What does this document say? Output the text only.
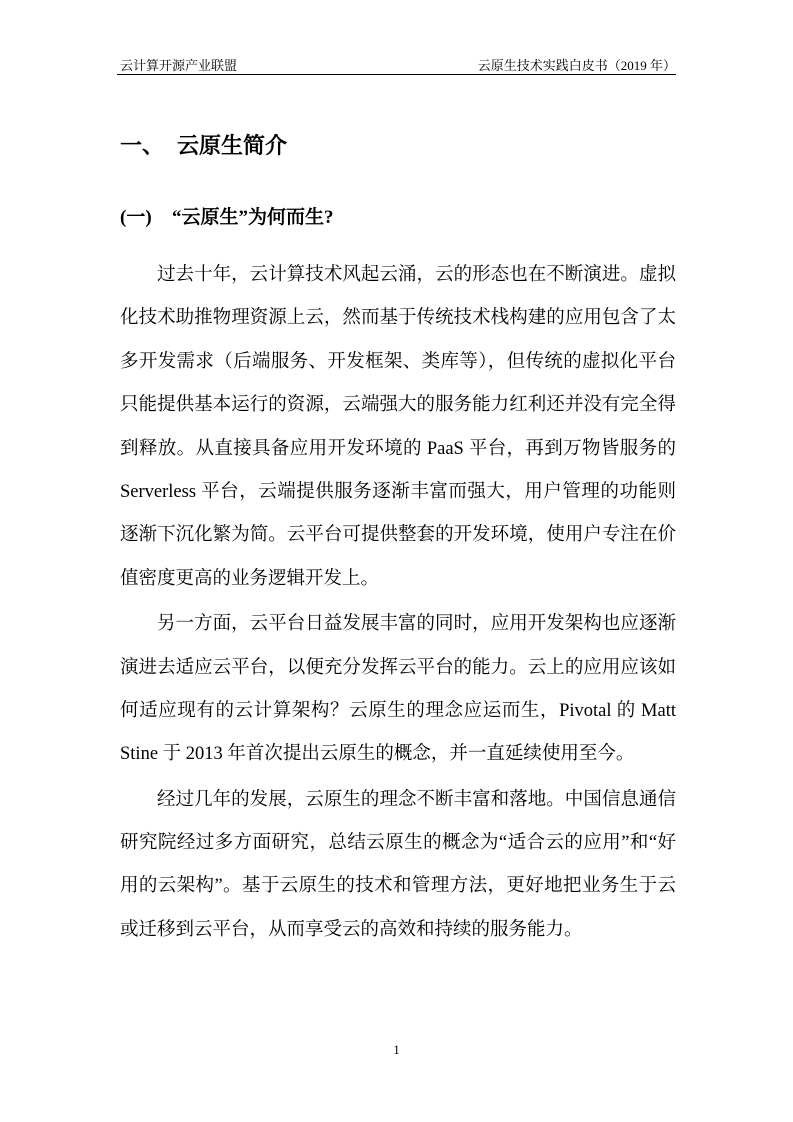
云计算开源产业联盟	云原生技术实践白皮书（2019 年）
一、 云原生简介
(一) “云原生”为何而生?
过去十年，云计算技术风起云涌，云的形态也在不断演进。虚拟
化技术助推物理资源上云，然而基于传统技术栈构建的应用包含了太
多开发需求（后端服务、开发框架、类库等），但传统的虚拟化平台
只能提供基本运行的资源，云端强大的服务能力红利还并没有完全得
到释放。从直接具备应用开发环境的 PaaS 平台，再到万物皆服务的
Serverless 平台，云端提供服务逐渐丰富而强大，用户管理的功能则
逐渐下沉化繁为简。云平台可提供整套的开发环境，使用户专注在价
值密度更高的业务逻辑开发上。
另一方面，云平台日益发展丰富的同时，应用开发架构也应逐渐
演进去适应云平台，以便充分发挥云平台的能力。云上的应用应该如
何适应现有的云计算架构？云原生的理念应运而生，Pivotal 的 Matt
Stine 于 2013 年首次提出云原生的概念，并一直延续使用至今。
经过几年的发展，云原生的理念不断丰富和落地。中国信息通信
研究院经过多方面研究，总结云原生的概念为“适合云的应用”和“好
用的云架构”。基于云原生的技术和管理方法，更好地把业务生于云
或迁移到云平台，从而享受云的高效和持续的服务能力。
1
